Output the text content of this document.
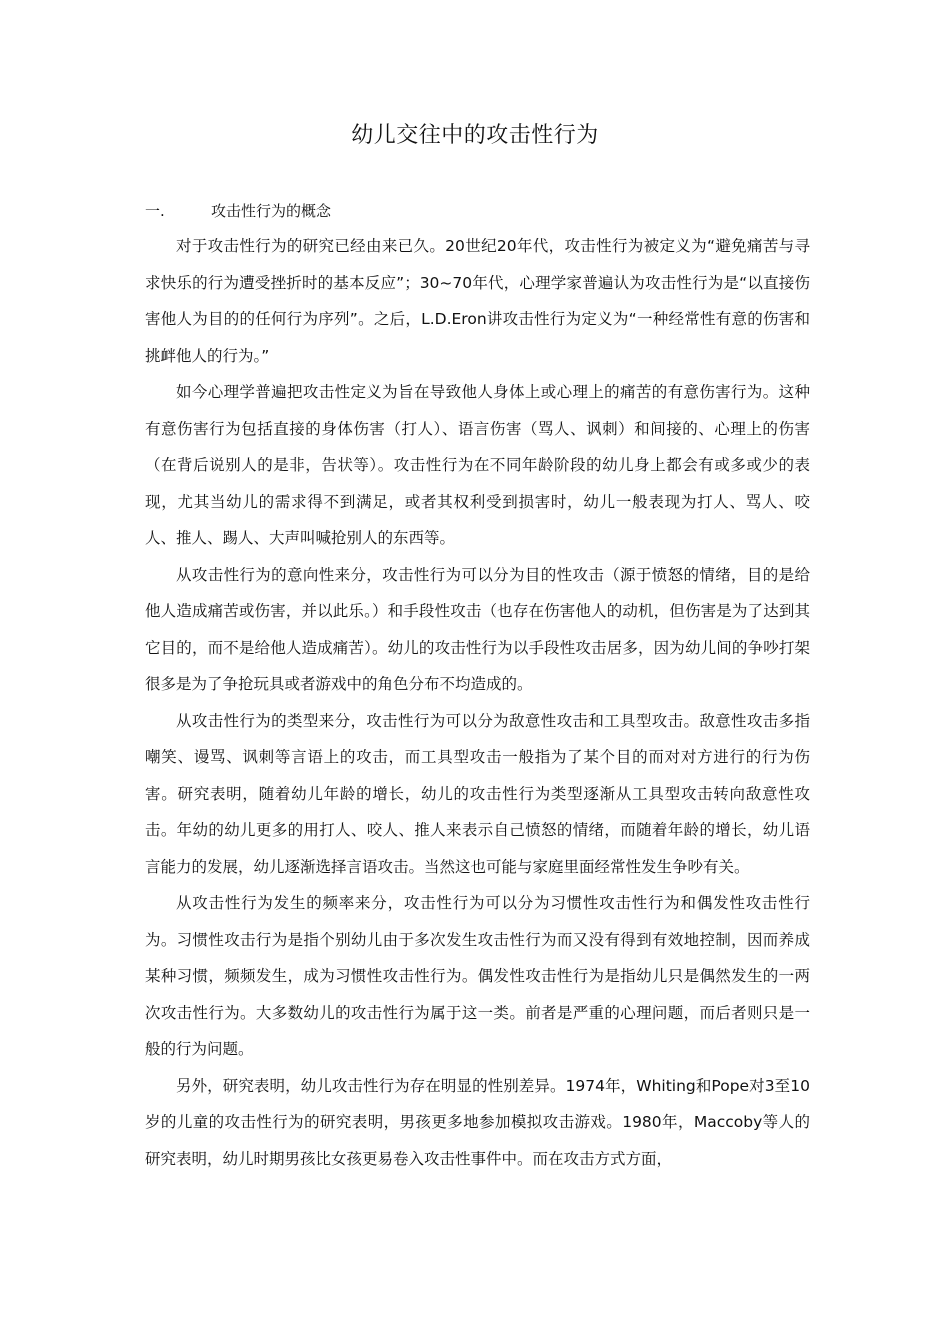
幼儿交往中的攻击性行为
一.	攻击性行为的概念

对于攻击性行为的研究已经由来已久。20世纪20年代，攻击性行为被定义为“避免痛苦与寻求快乐的行为遭受挫折时的基本反应”；30~70年代，心理学家普遍认为攻击性行为是“以直接伤害他人为目的的任何行为序列”。之后，L.D.Eron讲攻击性行为定义为“一种经常性有意的伤害和挑衅他人的行为。”

如今心理学普遍把攻击性定义为旨在导致他人身体上或心理上的痛苦的有意伤害行为。这种有意伤害行为包括直接的身体伤害（打人）、语言伤害（骂人、讽刺）和间接的、心理上的伤害（在背后说别人的是非，告状等）。攻击性行为在不同年龄阶段的幼儿身上都会有或多或少的表现，尤其当幼儿的需求得不到满足，或者其权利受到损害时，幼儿一般表现为打人、骂人、咬人、推人、踢人、大声叫喊抢别人的东西等。

从攻击性行为的意向性来分，攻击性行为可以分为目的性攻击（源于愤怒的情绪，目的是给他人造成痛苦或伤害，并以此乐。）和手段性攻击（也存在伤害他人的动机，但伤害是为了达到其它目的，而不是给他人造成痛苦）。幼儿的攻击性行为以手段性攻击居多，因为幼儿间的争吵打架很多是为了争抢玩具或者游戏中的角色分布不均造成的。

从攻击性行为的类型来分，攻击性行为可以分为敌意性攻击和工具型攻击。敌意性攻击多指嘲笑、谩骂、讽刺等言语上的攻击，而工具型攻击一般指为了某个目的而对对方进行的行为伤害。研究表明，随着幼儿年龄的增长，幼儿的攻击性行为类型逐渐从工具型攻击转向敌意性攻击。年幼的幼儿更多的用打人、咬人、推人来表示自己愤怒的情绪，而随着年龄的增长，幼儿语言能力的发展，幼儿逐渐选择言语攻击。当然这也可能与家庭里面经常性发生争吵有关。

从攻击性行为发生的频率来分，攻击性行为可以分为习惯性攻击性行为和偶发性攻击性行为。习惯性攻击行为是指个别幼儿由于多次发生攻击性行为而又没有得到有效地控制，因而养成某种习惯，频频发生，成为习惯性攻击性行为。偶发性攻击性行为是指幼儿只是偶然发生的一两次攻击性行为。大多数幼儿的攻击性行为属于这一类。前者是严重的心理问题，而后者则只是一般的行为问题。

另外，研究表明，幼儿攻击性行为存在明显的性别差异。1974年，Whiting和Pope对3至10岁的儿童的攻击性行为的研究表明，男孩更多地参加模拟攻击游戏。1980年，Maccoby等人的研究表明，幼儿时期男孩比女孩更易卷入攻击性事件中。而在攻击方式方面，
